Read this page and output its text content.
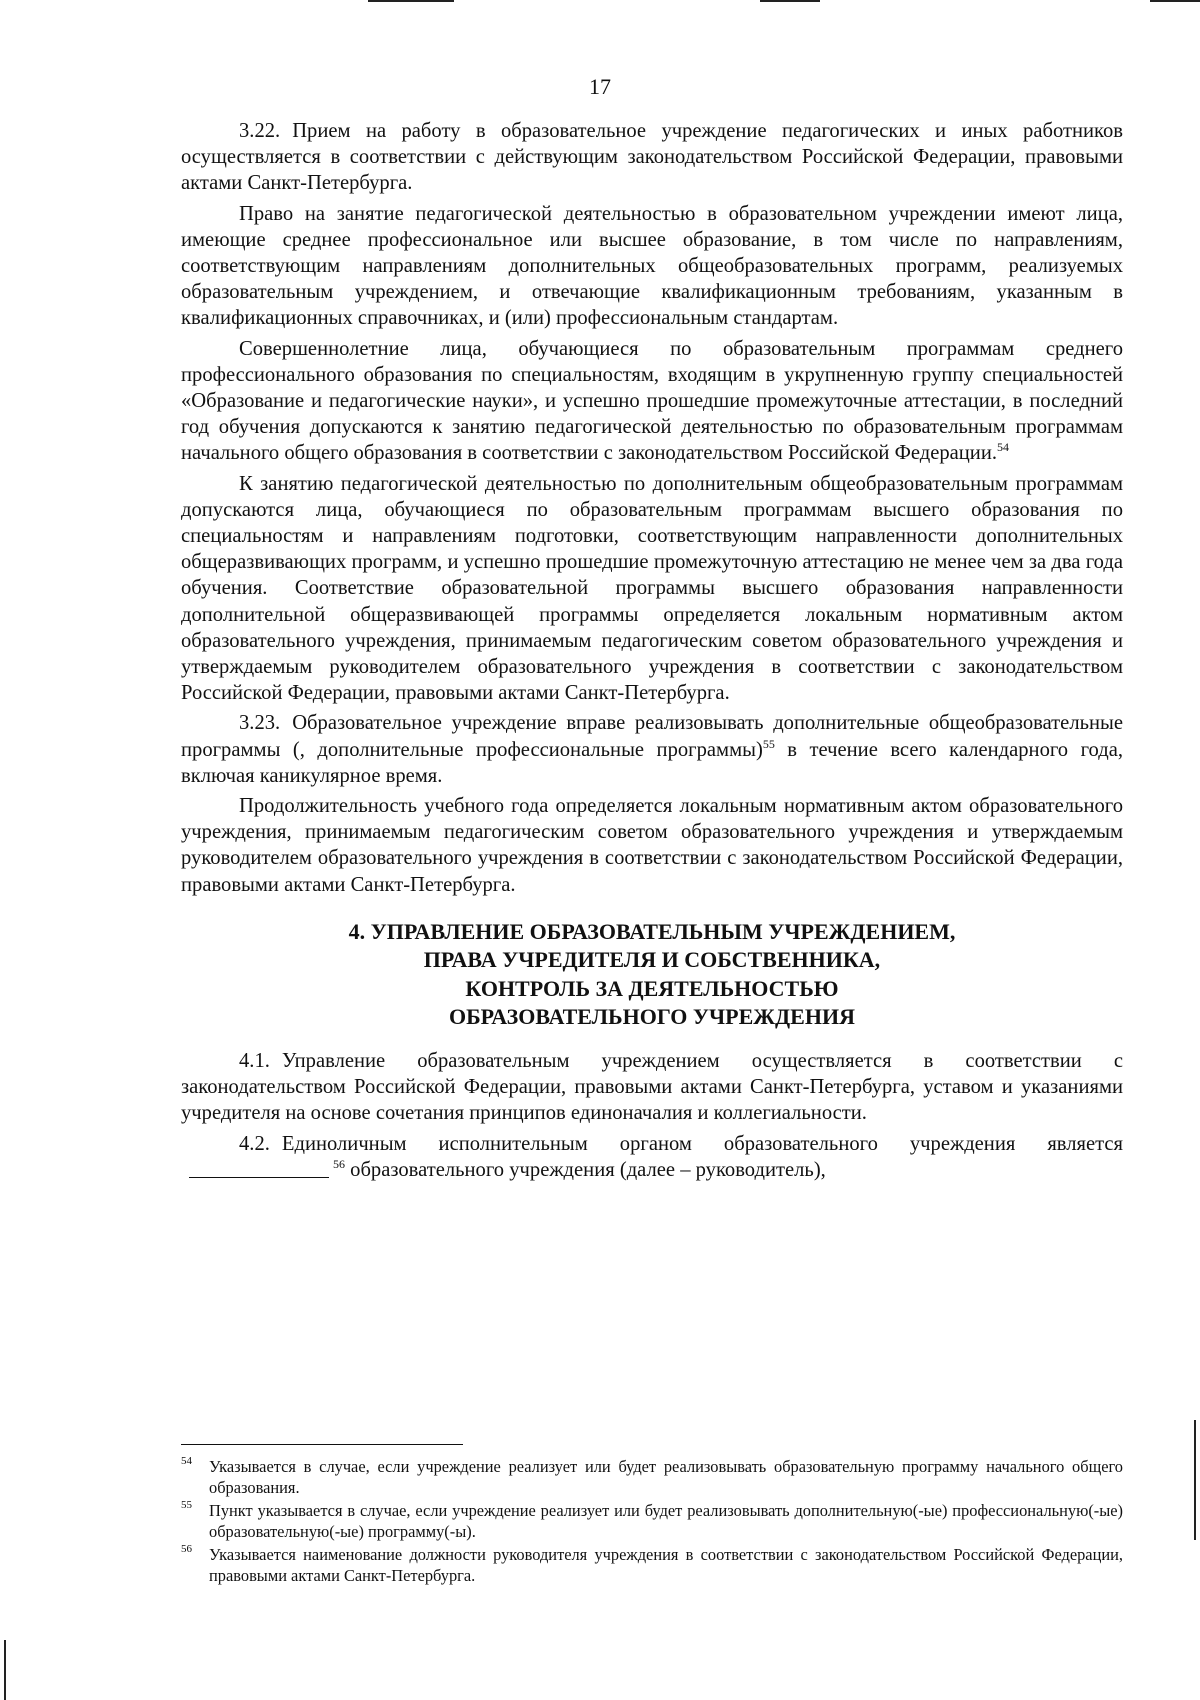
17

3.22. Прием на работу в образовательное учреждение педагогических и иных работников осуществляется в соответствии с действующим законодательством Российской Федерации, правовыми актами Санкт-Петербурга.

Право на занятие педагогической деятельностью в образовательном учреждении имеют лица, имеющие среднее профессиональное или высшее образование, в том числе по направлениям, соответствующим направлениям дополнительных общеобразовательных программ, реализуемых образовательным учреждением, и отвечающие квалификационным требованиям, указанным в квалификационных справочниках, и (или) профессиональным стандартам.

Совершеннолетние лица, обучающиеся по образовательным программам среднего профессионального образования по специальностям, входящим в укрупненную группу специальностей «Образование и педагогические науки», и успешно прошедшие промежуточные аттестации, в последний год обучения допускаются к занятию педагогической деятельностью по образовательным программам начального общего образования в соответствии с законодательством Российской Федерации.$^{54}$

К занятию педагогической деятельностью по дополнительным общеобразовательным программам допускаются лица, обучающиеся по образовательным программам высшего образования по специальностям и направлениям подготовки, соответствующим направленности дополнительных общеразвивающих программ, и успешно прошедшие промежуточную аттестацию не менее чем за два года обучения. Соответствие образовательной программы высшего образования направленности дополнительной общеразвивающей программы определяется локальным нормативным актом образовательного учреждения, принимаемым педагогическим советом образовательного учреждения и утверждаемым руководителем образовательного учреждения в соответствии с законодательством Российской Федерации, правовыми актами Санкт-Петербурга.

3.23. Образовательное учреждение вправе реализовывать дополнительные общеобразовательные программы (, дополнительные профессиональные программы)$^{55}$ в течение всего календарного года, включая каникулярное время.

Продолжительность учебного года определяется локальным нормативным актом образовательного учреждения, принимаемым педагогическим советом образовательного учреждения и утверждаемым руководителем образовательного учреждения в соответствии с законодательством Российской Федерации, правовыми актами Санкт-Петербурга.

4. УПРАВЛЕНИЕ ОБРАЗОВАТЕЛЬНЫМ УЧРЕЖДЕНИЕМ,
ПРАВА УЧРЕДИТЕЛЯ И СОБСТВЕННИКА,
КОНТРОЛЬ ЗА ДЕЯТЕЛЬНОСТЬЮ
ОБРАЗОВАТЕЛЬНОГО УЧРЕЖДЕНИЯ

4.1. Управление образовательным учреждением осуществляется в соответствии с законодательством Российской Федерации, правовыми актами Санкт-Петербурга, уставом и указаниями учредителя на основе сочетания принципов единоначалия и коллегиальности.

4.2. Единоличным исполнительным органом образовательного учреждения является$^{56}$ образовательного учреждения (далее – руководитель),

54 Указывается в случае, если учреждение реализует или будет реализовывать образовательную программу начального общего образования.
55 Пункт указывается в случае, если учреждение реализует или будет реализовывать дополнительную(-ые) профессиональную(-ые) образовательную(-ые) программу(-ы).
56 Указывается наименование должности руководителя учреждения в соответствии с законодательством Российской Федерации, правовыми актами Санкт-Петербурга.
